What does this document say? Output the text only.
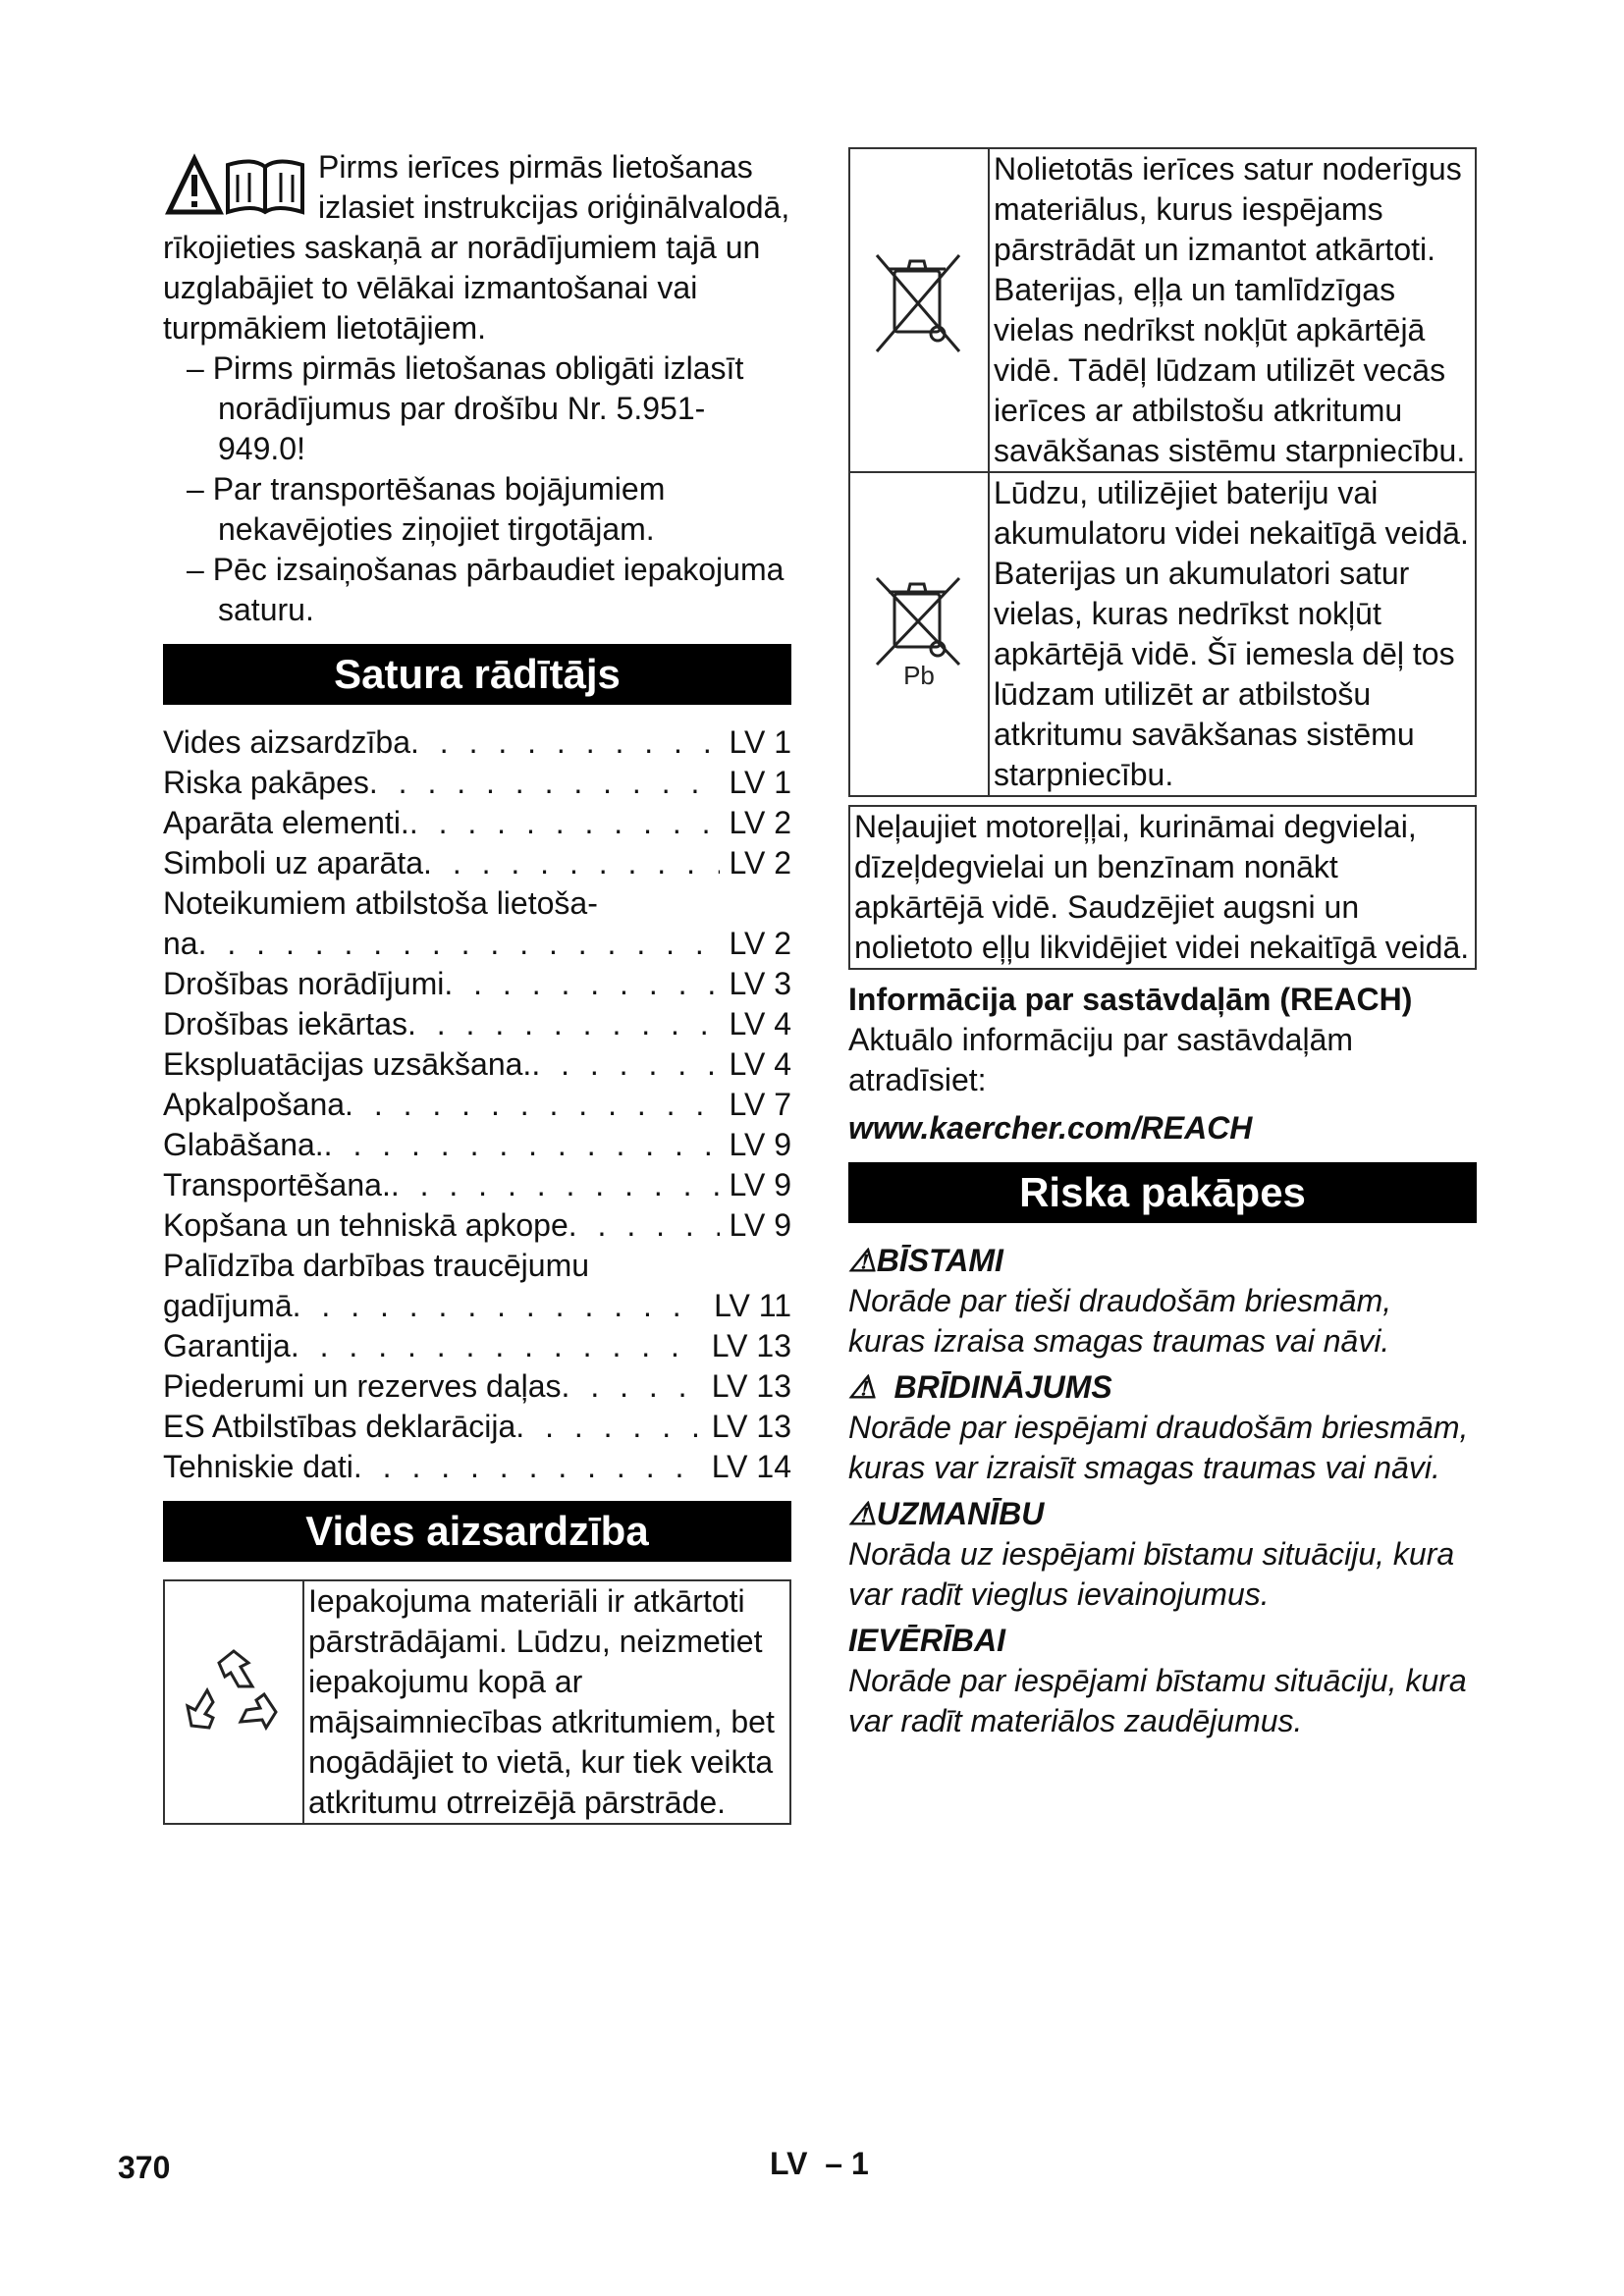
Pirms ierīces pirmās lietošanas izlasiet instrukcijas oriģinālvalodā, rīkojieties saskaņā ar norādījumiem tajā un uzglabājiet to vēlākai izmantošanai vai turpmākiem lietotājiem.

– Pirms pirmās lietošanas obligāti izlasīt norādījumus par drošību Nr. 5.951-949.0!
– Par transportēšanas bojājumiem nekavējoties ziņojiet tirgotājam.
– Pēc izsaiņošanas pārbaudiet iepakojuma saturu.
Satura rādītājs
Vides aizsardzība . . .	LV 1
Riska pakāpes . . .	LV 1
Aparāta elementi. . . .	LV 2
Simboli uz aparāta . . .	LV 2
Noteikumiem atbilstoša lietoša-
na . . .	LV 2
Drošības norādījumi . . .	LV 3
Drošības iekārtas . . .	LV 4
Ekspluatācijas uzsākšana. . . .	LV 4
Apkalpošana . . .	LV 7
Glabāšana. . . .	LV 9
Transportēšana. . . .	LV 9
Kopšana un tehniskā apkope . . .	LV 9
Palīdzība darbības traucējumu
gadījumā . . .	LV 11
Garantija . . .	LV 13
Piederumi un rezerves daļas . . .	LV 13
ES Atbilstības deklarācija . . .	LV 13
Tehniskie dati . . .	LV 14
Vides aizsardzība
	Iepakojuma materiāli ir atkārtoti pārstrādājami. Lūdzu, neizmetiet iepakojumu kopā ar mājsaimniecības atkritumiem, bet nogādājiet to vietā, kur tiek veikta atkritumu otrreizējā pārstrāde.
	Nolietotās ierīces satur noderīgus materiālus, kurus iespējams pārstrādāt un izmantot atkārtoti. Baterijas, eļļa un tamlīdzīgas vielas nedrīkst nokļūt apkārtējā vidē. Tādēļ lūdzam utilizēt vecās ierīces ar atbilstošu atkritumu savākšanas sistēmu starpniecību.

Pb	Lūdzu, utilizējiet bateriju vai akumulatoru videi nekaitīgā veidā. Baterijas un akumulatori satur vielas, kuras nedrīkst nokļūt apkārtējā vidē. Šī iemesla dēļ tos lūdzam utilizēt ar atbilstošu atkritumu savākšanas sistēmu starpniecību.
Neļaujiet motoreļļai, kurināmai degvielai, dīzeļdegvielai un benzīnam nonākt apkārtējā vidē. Saudzējiet augsni un nolietoto eļļu likvidējiet videi nekaitīgā veidā.

Informācija par sastāvdaļām (REACH)

Aktuālo informāciju par sastāvdaļām atradīsiet:

www.kaercher.com/REACH

Riska pakāpes
⚠BĪSTAMI

Norāde par tieši draudošām briesmām, kuras izraisa smagas traumas vai nāvi.

⚠  BRĪDINĀJUMS

Norāde par iespējami draudošām briesmām, kuras var izraisīt smagas traumas vai nāvi.

⚠UZMANĪBU

Norāda uz iespējami bīstamu situāciju, kura var radīt vieglus ievainojumus.

IEVĒRĪBAI

Norāde par iespējami bīstamu situāciju, kura var radīt materiālos zaudējumus.

370	LV – 1
